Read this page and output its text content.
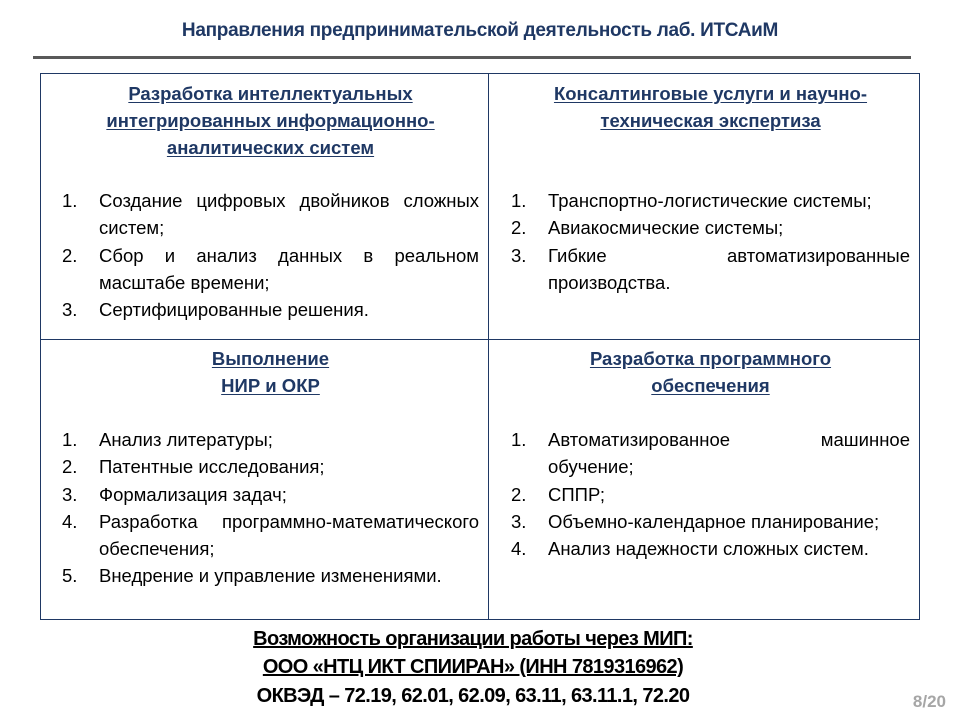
Направления предпринимательской деятельность лаб. ИТСАиМ

Разработка интеллектуальных
интегрированных информационно-
аналитических систем

1.	Создание цифровых двойников сложных систем;
2.	Сбор и анализ данных в реальном масштабе времени;
3.	Сертифицированные решения.

Консалтинговые услуги и научно-
техническая экспертиза

1.	Транспортно-логистические системы;
2.	Авиакосмические системы;
3.	Гибкие автоматизированные производства.

Выполнение
НИР и ОКР

1.	Анализ литературы;
2.	Патентные исследования;
3.	Формализация задач;
4.	Разработка программно-математического обеспечения;
5.	Внедрение и управление изменениями.

Разработка программного
обеспечения

1.	Автоматизированное машинное обучение;
2.	СППР;
3.	Объемно-календарное планирование;
4.	Анализ надежности сложных систем.
Возможность организации работы через МИП:
ООО «НТЦ ИКТ СПИИРАН» (ИНН 7819316962)
ОКВЭД – 72.19, 62.01, 62.09, 63.11, 63.11.1, 72.20	8/20
